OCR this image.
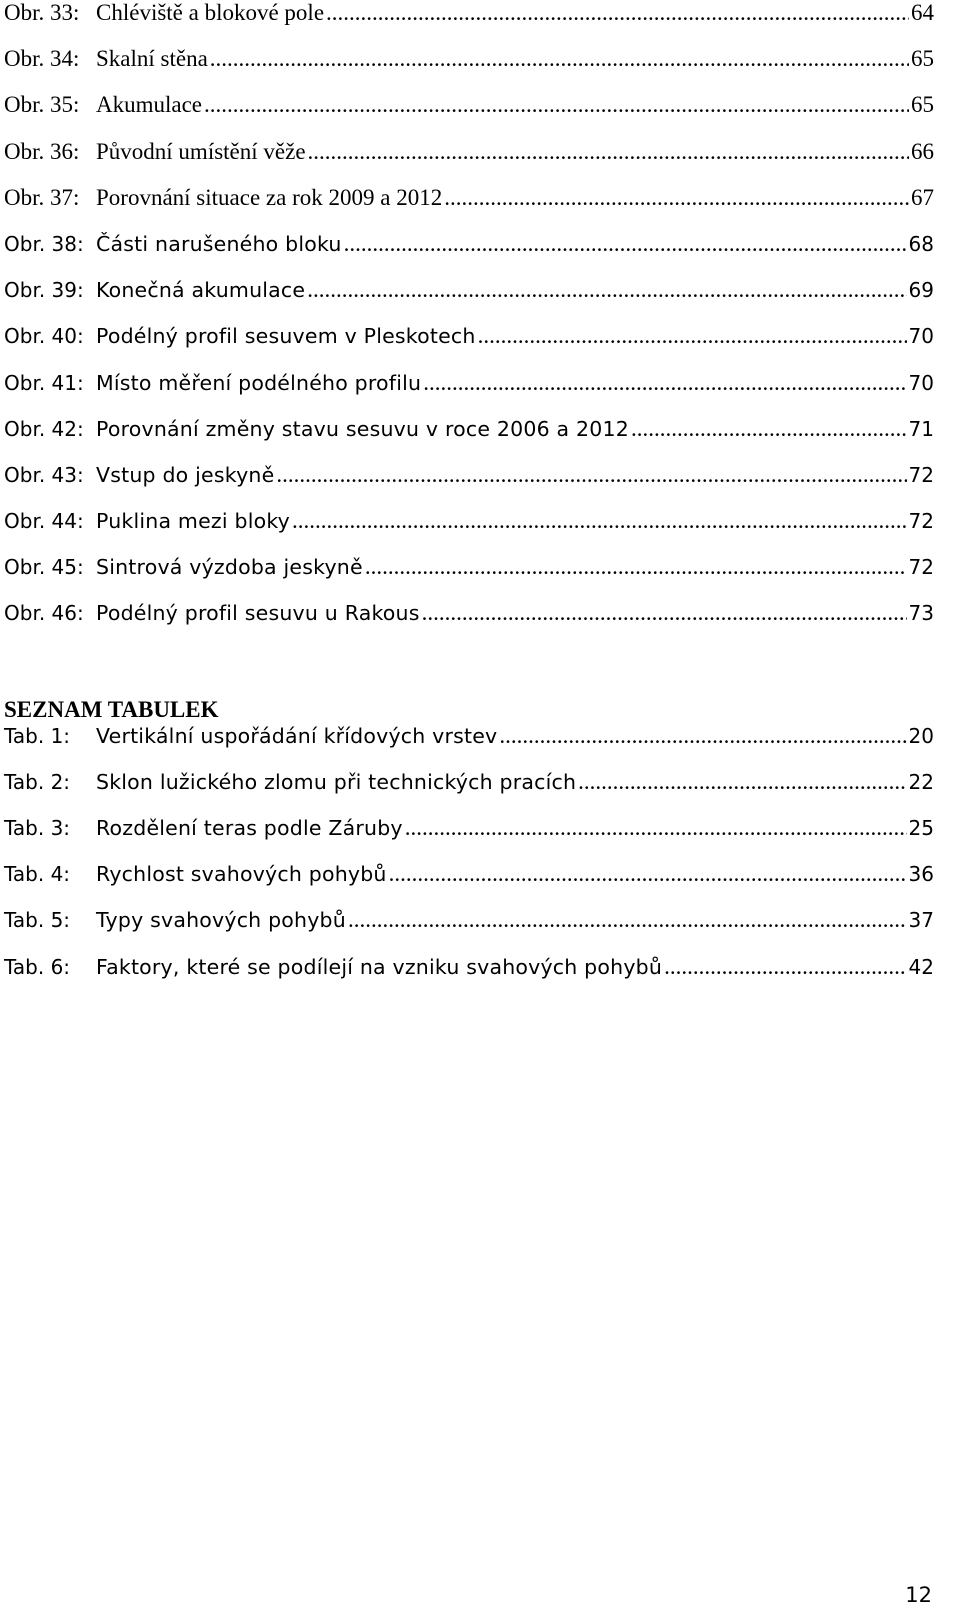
Obr. 33: Chléviště a blokové pole .....	64
Obr. 34: Skalní stěna .....	65
Obr. 35: Akumulace .....	65
Obr. 36: Původní umístění věže .....	66
Obr. 37: Porovnání situace za rok 2009 a 2012 .....	67
Obr. 38: Části narušeného bloku .....	68
Obr. 39: Konečná akumulace .....	69
Obr. 40: Podélný profil sesuvem v Pleskotech .....	70
Obr. 41: Místo měření podélného profilu .....	70
Obr. 42: Porovnání změny stavu sesuvu v roce 2006 a 2012 .....	71
Obr. 43: Vstup do jeskyně .....	72
Obr. 44: Puklina mezi bloky .....	72
Obr. 45: Sintrová výzdoba jeskyně .....	72
Obr. 46: Podélný profil sesuvu u Rakous .....	73
SEZNAM TABULEK
Tab. 1:	Vertikální uspořádání křídových vrstev .....	20
Tab. 2:	Sklon lužického zlomu při technických pracích .....	22
Tab. 3:	Rozdělení teras podle Záruby .....	25
Tab. 4:	Rychlost svahových pohybů .....	36
Tab. 5:	Typy svahových pohybů .....	37
Tab. 6:	Faktory, které se podílejí na vzniku svahových pohybů .....	42
12
